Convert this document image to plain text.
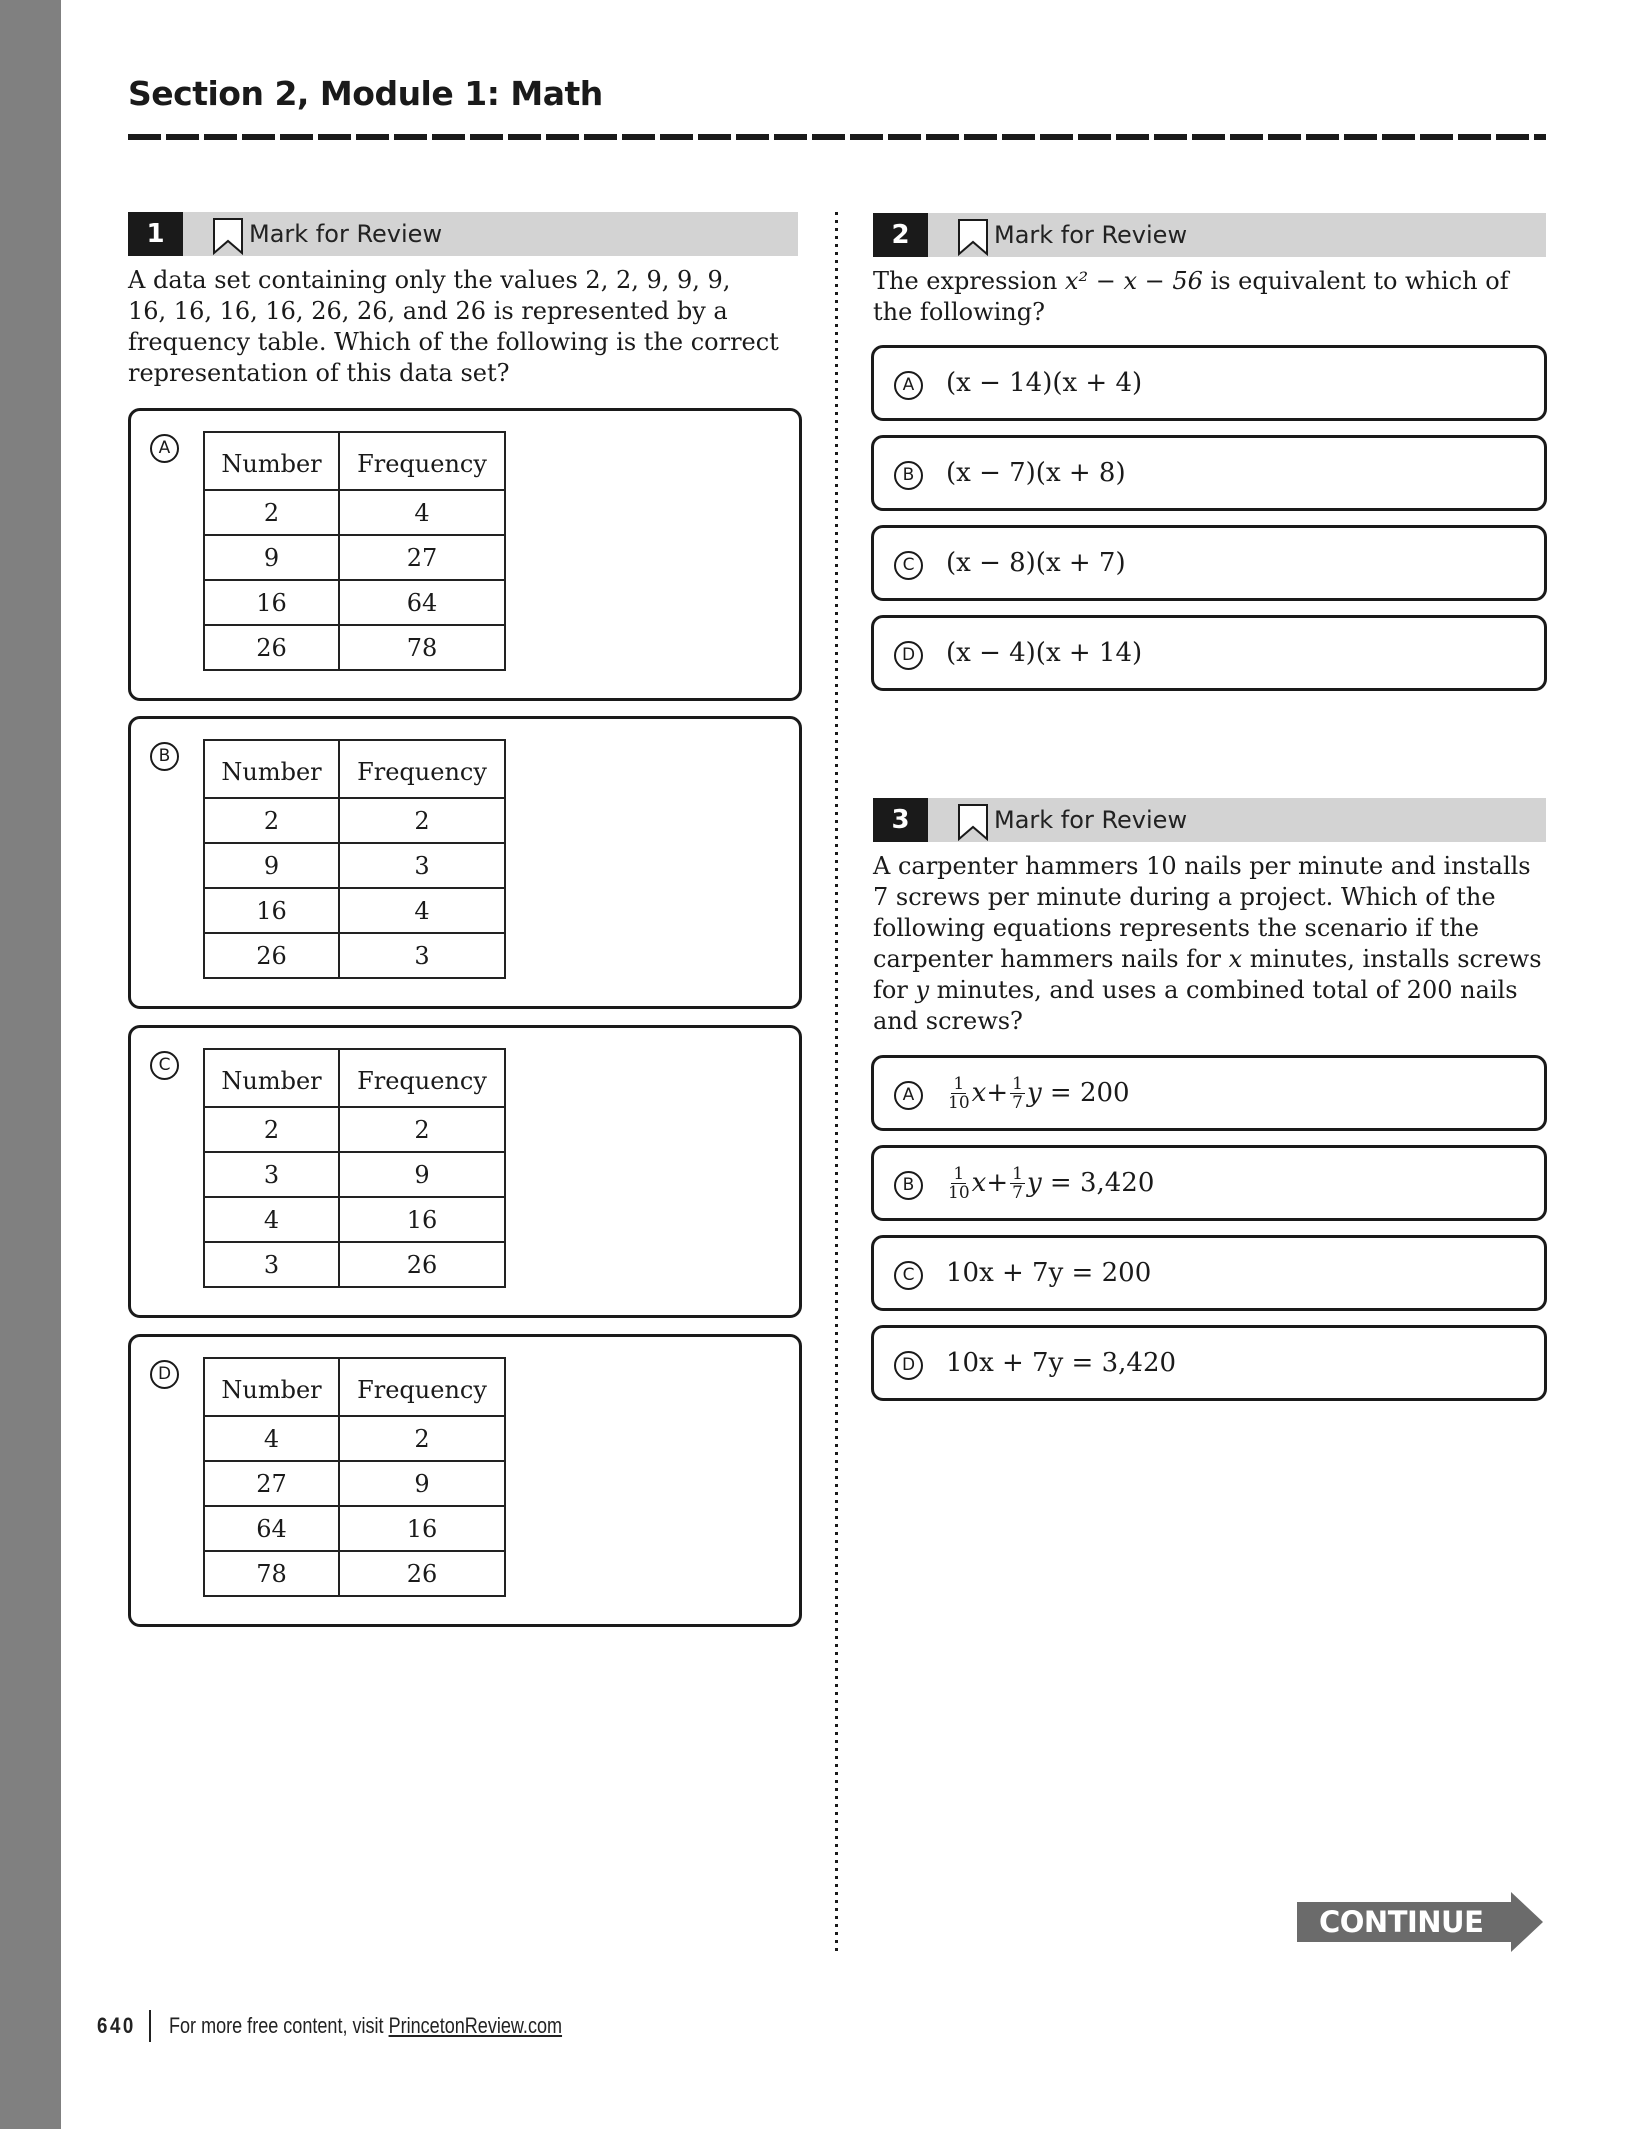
Section 2, Module 1: Math
1	Mark for Review
A data set containing only the values 2, 2, 9, 9, 9,
16, 16, 16, 16, 26, 26, and 26 is represented by a
frequency table. Which of the following is the correct
representation of this data set?
A
Number	Frequency
2	4
9	27
16	64
26	78
B
Number	Frequency
2	2
9	3
16	4
26	3
C
Number	Frequency
2	2
3	9
4	16
3	26
D
Number	Frequency
4	2
27	9
64	16
78	26
2	Mark for Review
The expression x² − x − 56 is equivalent to which of the following?
A	(x − 14)(x + 4)
B	(x − 7)(x + 8)
C	(x − 8)(x + 7)
D	(x − 4)(x + 14)
3	Mark for Review
A carpenter hammers 10 nails per minute and installs
7 screws per minute during a project. Which of the
following equations represents the scenario if the
carpenter hammers nails for x minutes, installs screws
for y minutes, and uses a combined total of 200 nails
and screws?
A	$\frac{1}{10}$ $x + \frac{1}{7}$ y = 200
B	$\frac{1}{10}$ $x + \frac{1}{7}$ y = 3,420
C	10x + 7y = 200
D	10x + 7y = 3,420
CONTINUE
640 For more free content, visit PrincetonReview.com
